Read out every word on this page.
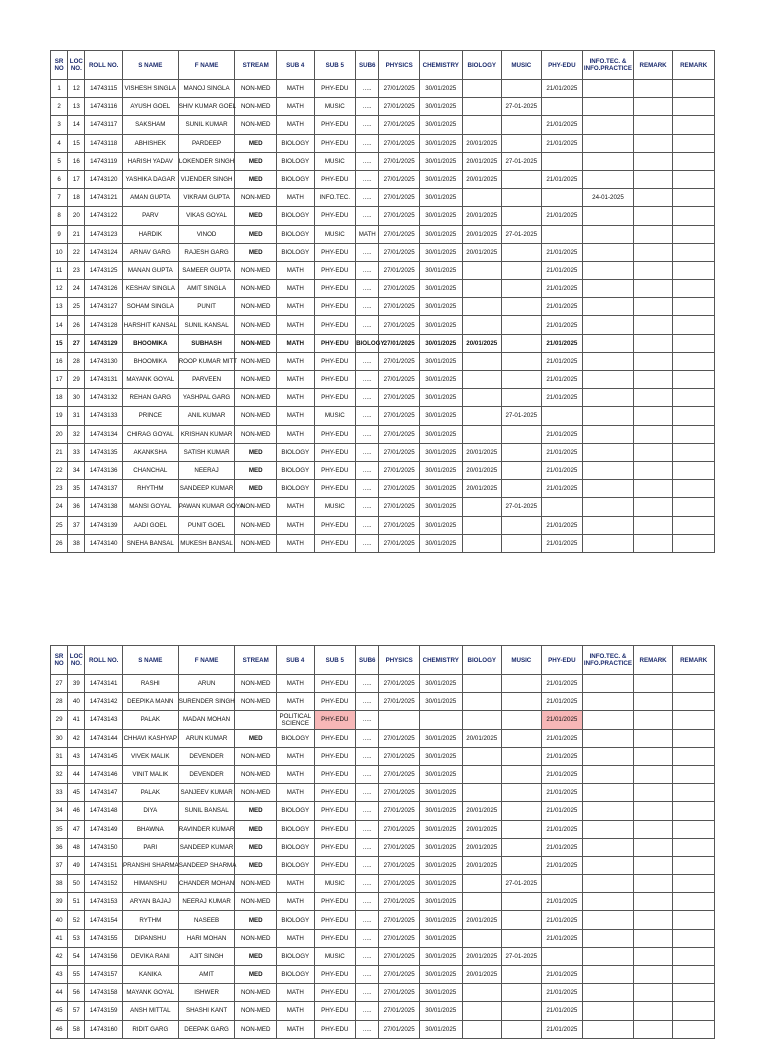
SR NO	LOC NO.	ROLL NO.	S NAME	F NAME	STREAM	SUB 4	SUB 5	SUB6	PHYSICS	CHEMISTRY	BIOLOGY	MUSIC	PHY-EDU	INFO.TEC. & INFO.PRACTICE	REMARK	REMARK
1	12	14743115	VISHESH SINGLA	MANOJ SINGLA	NON-MED	MATH	PHY-EDU	.....	27/01/2025	30/01/2025			21/01/2025			
2	13	14743116	AYUSH GOEL	SHIV KUMAR GOEL	NON-MED	MATH	MUSIC	.....	27/01/2025	30/01/2025		27-01-2025				
3	14	14743117	SAKSHAM	SUNIL KUMAR	NON-MED	MATH	PHY-EDU	.....	27/01/2025	30/01/2025			21/01/2025			
4	15	14743118	ABHISHEK	PARDEEP	MED	BIOLOGY	PHY-EDU	.....	27/01/2025	30/01/2025	20/01/2025		21/01/2025			
5	16	14743119	HARISH YADAV	LOKENDER SINGH	MED	BIOLOGY	MUSIC	.....	27/01/2025	30/01/2025	20/01/2025	27-01-2025				
6	17	14743120	YASHIKA DAGAR	VIJENDER SINGH	MED	BIOLOGY	PHY-EDU	.....	27/01/2025	30/01/2025	20/01/2025		21/01/2025			
7	18	14743121	AMAN GUPTA	VIKRAM GUPTA	NON-MED	MATH	INFO.TEC.	.....	27/01/2025	30/01/2025				24-01-2025		
8	20	14743122	PARV	VIKAS GOYAL	MED	BIOLOGY	PHY-EDU	.....	27/01/2025	30/01/2025	20/01/2025		21/01/2025			
9	21	14743123	HARDIK	VINOD	MED	BIOLOGY	MUSIC	MATH	27/01/2025	30/01/2025	20/01/2025	27-01-2025				
10	22	14743124	ARNAV GARG	RAJESH GARG	MED	BIOLOGY	PHY-EDU	.....	27/01/2025	30/01/2025	20/01/2025		21/01/2025			
11	23	14743125	MANAN GUPTA	SAMEER GUPTA	NON-MED	MATH	PHY-EDU	.....	27/01/2025	30/01/2025			21/01/2025			
12	24	14743126	KESHAV SINGLA	AMIT SINGLA	NON-MED	MATH	PHY-EDU	.....	27/01/2025	30/01/2025			21/01/2025			
13	25	14743127	SOHAM SINGLA	PUNIT	NON-MED	MATH	PHY-EDU	.....	27/01/2025	30/01/2025			21/01/2025			
14	26	14743128	HARSHIT KANSAL	SUNIL KANSAL	NON-MED	MATH	PHY-EDU	.....	27/01/2025	30/01/2025			21/01/2025			
15	27	14743129	BHOOMIKA	SUBHASH	NON-MED	MATH	PHY-EDU	BIOLOGY	27/01/2025	30/01/2025	20/01/2025		21/01/2025			
16	28	14743130	BHOOMIKA	ROOP KUMAR MITT	NON-MED	MATH	PHY-EDU	.....	27/01/2025	30/01/2025			21/01/2025			
17	29	14743131	MAYANK GOYAL	PARVEEN	NON-MED	MATH	PHY-EDU	.....	27/01/2025	30/01/2025			21/01/2025			
18	30	14743132	REHAN GARG	YASHPAL GARG	NON-MED	MATH	PHY-EDU	.....	27/01/2025	30/01/2025			21/01/2025			
19	31	14743133	PRINCE	ANIL KUMAR	NON-MED	MATH	MUSIC	.....	27/01/2025	30/01/2025		27-01-2025				
20	32	14743134	CHIRAG GOYAL	KRISHAN KUMAR	NON-MED	MATH	PHY-EDU	.....	27/01/2025	30/01/2025			21/01/2025			
21	33	14743135	AKANKSHA	SATISH KUMAR	MED	BIOLOGY	PHY-EDU	.....	27/01/2025	30/01/2025	20/01/2025		21/01/2025			
22	34	14743136	CHANCHAL	NEERAJ	MED	BIOLOGY	PHY-EDU	.....	27/01/2025	30/01/2025	20/01/2025		21/01/2025			
23	35	14743137	RHYTHM	SANDEEP KUMAR	MED	BIOLOGY	PHY-EDU	.....	27/01/2025	30/01/2025	20/01/2025		21/01/2025			
24	36	14743138	MANSI GOYAL	PAWAN KUMAR GOYA	NON-MED	MATH	MUSIC	.....	27/01/2025	30/01/2025		27-01-2025				
25	37	14743139	AADI GOEL	PUNIT GOEL	NON-MED	MATH	PHY-EDU	.....	27/01/2025	30/01/2025			21/01/2025			
26	38	14743140	SNEHA BANSAL	MUKESH BANSAL	NON-MED	MATH	PHY-EDU	.....	27/01/2025	30/01/2025			21/01/2025			
SR NO	LOC NO.	ROLL NO.	S NAME	F NAME	STREAM	SUB 4	SUB 5	SUB6	PHYSICS	CHEMISTRY	BIOLOGY	MUSIC	PHY-EDU	INFO.TEC. & INFO.PRACTICE	REMARK	REMARK
27	39	14743141	RASHI	ARUN	NON-MED	MATH	PHY-EDU	.....	27/01/2025	30/01/2025			21/01/2025			
28	40	14743142	DEEPIKA MANN	SURENDER SINGH	NON-MED	MATH	PHY-EDU	.....	27/01/2025	30/01/2025			21/01/2025			
29	41	14743143	PALAK	MADAN MOHAN		POLITICAL SCIENCE	PHY-EDU	.....					21/01/2025			
30	42	14743144	CHHAVI KASHYAP	ARUN KUMAR	MED	BIOLOGY	PHY-EDU	.....	27/01/2025	30/01/2025	20/01/2025		21/01/2025			
31	43	14743145	VIVEK MALIK	DEVENDER	NON-MED	MATH	PHY-EDU	.....	27/01/2025	30/01/2025			21/01/2025			
32	44	14743146	VINIT MALIK	DEVENDER	NON-MED	MATH	PHY-EDU	.....	27/01/2025	30/01/2025			21/01/2025			
33	45	14743147	PALAK	SANJEEV KUMAR	NON-MED	MATH	PHY-EDU	.....	27/01/2025	30/01/2025			21/01/2025			
34	46	14743148	DIYA	SUNIL BANSAL	MED	BIOLOGY	PHY-EDU	.....	27/01/2025	30/01/2025	20/01/2025		21/01/2025			
35	47	14743149	BHAWNA	RAVINDER KUMAR	MED	BIOLOGY	PHY-EDU	.....	27/01/2025	30/01/2025	20/01/2025		21/01/2025			
36	48	14743150	PARI	SANDEEP KUMAR	MED	BIOLOGY	PHY-EDU	.....	27/01/2025	30/01/2025	20/01/2025		21/01/2025			
37	49	14743151	PRANSHI SHARMA	SANDEEP SHARMA	MED	BIOLOGY	PHY-EDU	.....	27/01/2025	30/01/2025	20/01/2025		21/01/2025			
38	50	14743152	HIMANSHU	CHANDER MOHAN	NON-MED	MATH	MUSIC	.....	27/01/2025	30/01/2025		27-01-2025				
39	51	14743153	ARYAN BAJAJ	NEERAJ KUMAR	NON-MED	MATH	PHY-EDU	.....	27/01/2025	30/01/2025			21/01/2025			
40	52	14743154	RYTHM	NASEEB	MED	BIOLOGY	PHY-EDU	.....	27/01/2025	30/01/2025	20/01/2025		21/01/2025			
41	53	14743155	DIPANSHU	HARI MOHAN	NON-MED	MATH	PHY-EDU	.....	27/01/2025	30/01/2025			21/01/2025			
42	54	14743156	DEVIKA RANI	AJIT SINGH	MED	BIOLOGY	MUSIC	.....	27/01/2025	30/01/2025	20/01/2025	27-01-2025				
43	55	14743157	KANIKA	AMIT	MED	BIOLOGY	PHY-EDU	.....	27/01/2025	30/01/2025	20/01/2025		21/01/2025			
44	56	14743158	MAYANK GOYAL	ISHWER	NON-MED	MATH	PHY-EDU	.....	27/01/2025	30/01/2025			21/01/2025			
45	57	14743159	ANSH MITTAL	SHASHI KANT	NON-MED	MATH	PHY-EDU	.....	27/01/2025	30/01/2025			21/01/2025			
46	58	14743160	RIDIT GARG	DEEPAK GARG	NON-MED	MATH	PHY-EDU	.....	27/01/2025	30/01/2025			21/01/2025			
